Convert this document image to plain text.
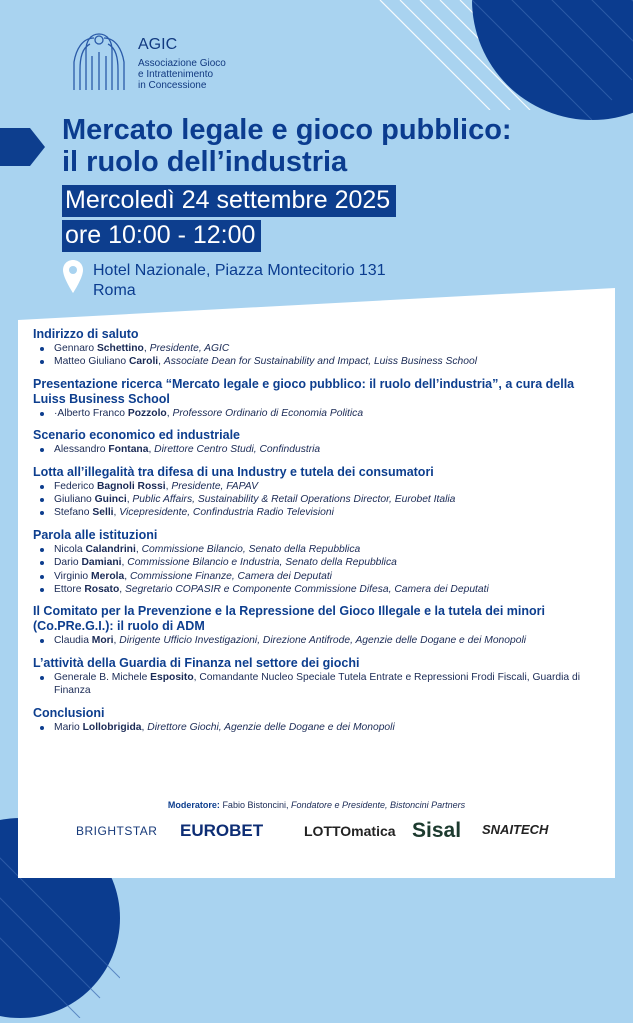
AGIC
Associazione Gioco
e Intrattenimento
in Concessione
Mercato legale e gioco pubblico:
il ruolo dell’industria
Mercoledì 24 settembre 2025
ore 10:00 - 12:00
Hotel Nazionale, Piazza Montecitorio 131
Roma
Indirizzo di saluto
Gennaro Schettino, Presidente, AGIC
Matteo Giuliano Caroli, Associate Dean for Sustainability and Impact, Luiss Business School
Presentazione ricerca “Mercato legale e gioco pubblico: il ruolo dell’industria”, a cura della Luiss Business School
·Alberto Franco Pozzolo, Professore Ordinario di Economia Politica
Scenario economico ed industriale
Alessandro Fontana, Direttore Centro Studi, Confindustria
Lotta all’illegalità tra difesa di una Industry e tutela dei consumatori
Federico Bagnoli Rossi, Presidente, FAPAV
Giuliano Guinci, Public Affairs, Sustainability & Retail Operations Director, Eurobet Italia
Stefano Selli, Vicepresidente, Confindustria Radio Televisioni
Parola alle istituzioni
Nicola Calandrini, Commissione Bilancio, Senato della Repubblica
Dario Damiani, Commissione Bilancio e Industria, Senato della Repubblica
Virginio Merola, Commissione Finanze, Camera dei Deputati
Ettore Rosato, Segretario COPASIR e Componente Commissione Difesa, Camera dei Deputati
Il Comitato per la Prevenzione e la Repressione del Gioco Illegale e la tutela dei minori (Co.PRe.G.I.): il ruolo di ADM
Claudia Mori, Dirigente Ufficio Investigazioni, Direzione Antifrode, Agenzie delle Dogane e dei Monopoli
L’attività della Guardia di Finanza nel settore dei giochi
Generale B. Michele Esposito, Comandante Nucleo Speciale Tutela Entrate e Repressioni Frodi Fiscali, Guardia di Finanza
Conclusioni
Mario Lollobrigida, Direttore Giochi, Agenzie delle Dogane e dei Monopoli
Moderatore: Fabio Bistoncini, Fondatore e Presidente, Bistoncini Partners
BRIGHTSTAR EUROBET	LOTTOmatica Sisal SNAITECH
